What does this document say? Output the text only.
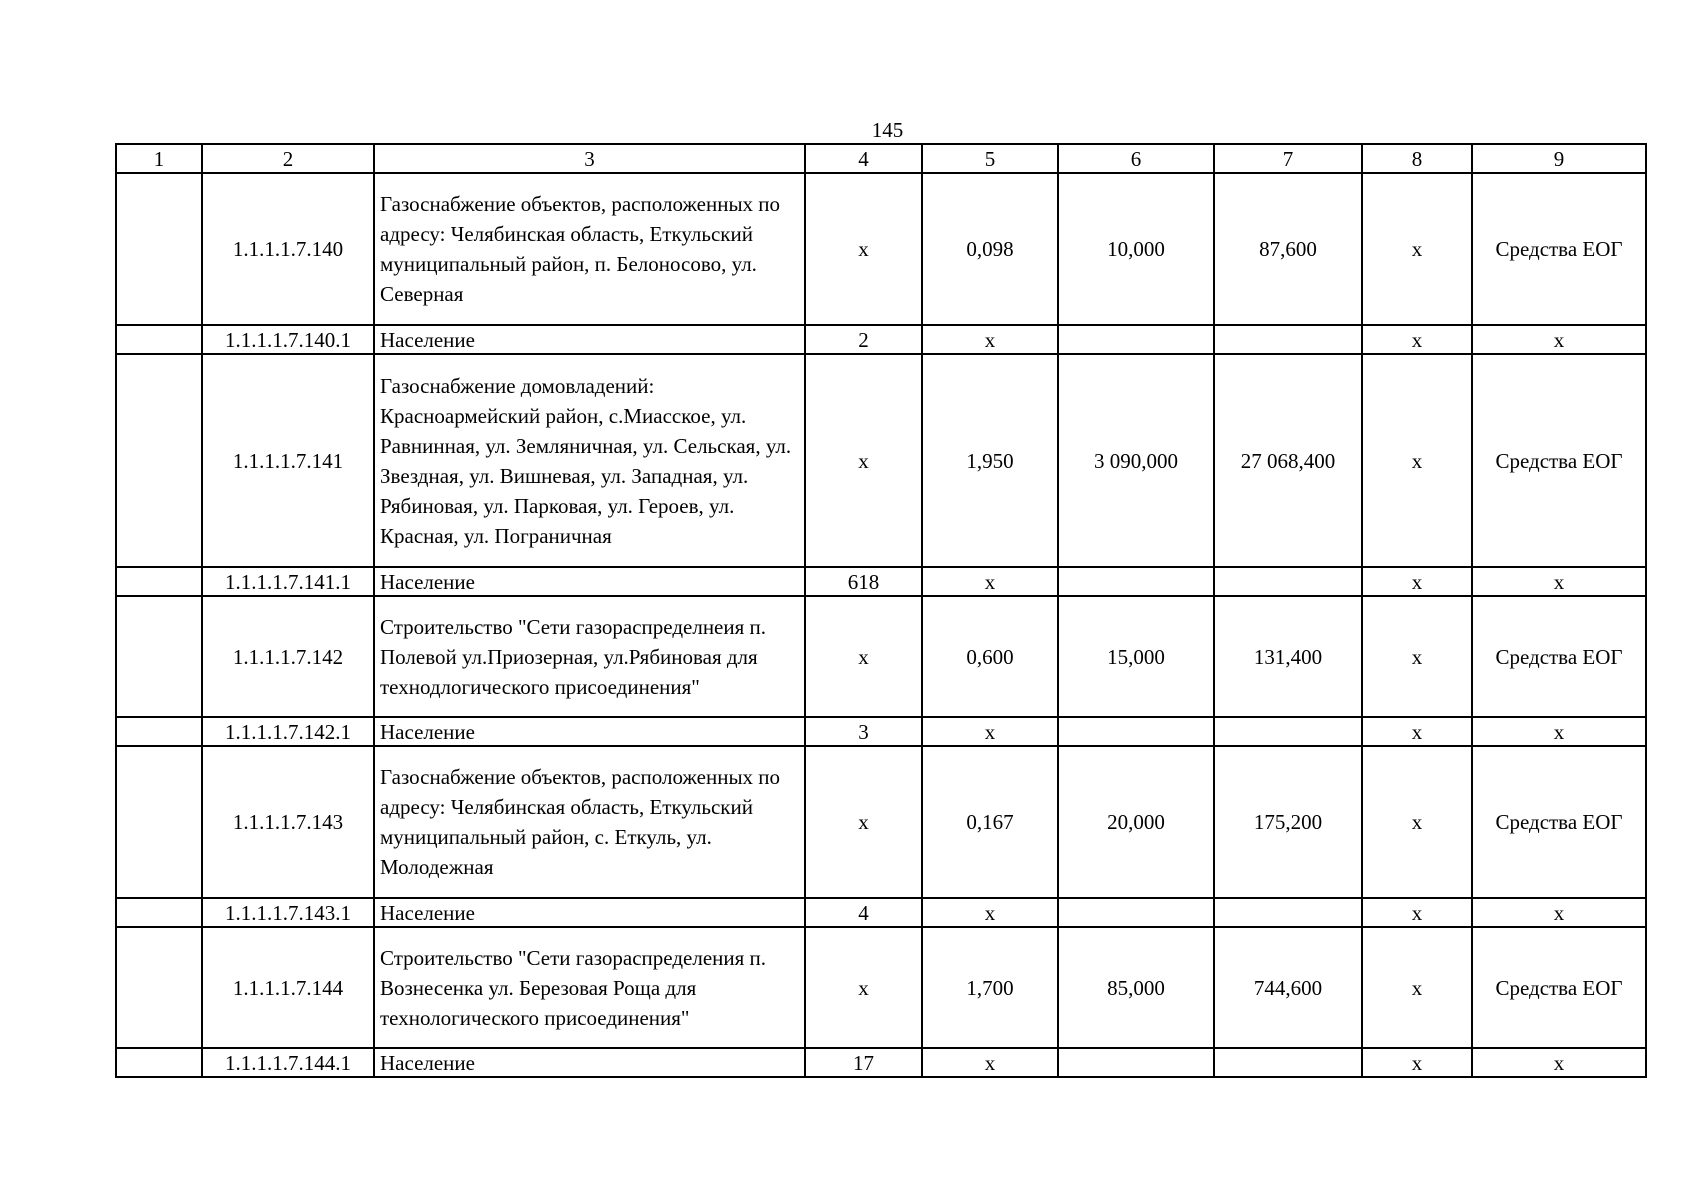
145
1	2	3	4	5	6	7	8	9
	1.1.1.1.7.140	Газоснабжение объектов, расположенных по адресу: Челябинская область, Еткульский муниципальный район, п. Белоносово, ул. Северная	х	0,098	10,000	87,600	х	Средства ЕОГ
	1.1.1.1.7.140.1	Население	2	х			х	х
	1.1.1.1.7.141	Газоснабжение домовладений: Красноармейский район, с.Миасское, ул. Равнинная, ул. Земляничная, ул. Сельская, ул. Звездная, ул. Вишневая, ул. Западная, ул. Рябиновая, ул. Парковая, ул. Героев, ул. Красная, ул. Пограничная	х	1,950	3 090,000	27 068,400	х	Средства ЕОГ
	1.1.1.1.7.141.1	Население	618	х			х	х
	1.1.1.1.7.142	Строительство "Сети газораспределнеия п. Полевой ул.Приозерная, ул.Рябиновая для технодлогического присоединения"	х	0,600	15,000	131,400	х	Средства ЕОГ
	1.1.1.1.7.142.1	Население	3	х			х	х
	1.1.1.1.7.143	Газоснабжение объектов, расположенных по адресу: Челябинская область, Еткульский муниципальный район, с. Еткуль, ул. Молодежная	х	0,167	20,000	175,200	х	Средства ЕОГ
	1.1.1.1.7.143.1	Население	4	х			х	х
	1.1.1.1.7.144	Строительство "Сети газораспределения п. Вознесенка ул. Березовая Роща для технологического присоединения"	х	1,700	85,000	744,600	х	Средства ЕОГ
	1.1.1.1.7.144.1	Население	17	х			х	х
